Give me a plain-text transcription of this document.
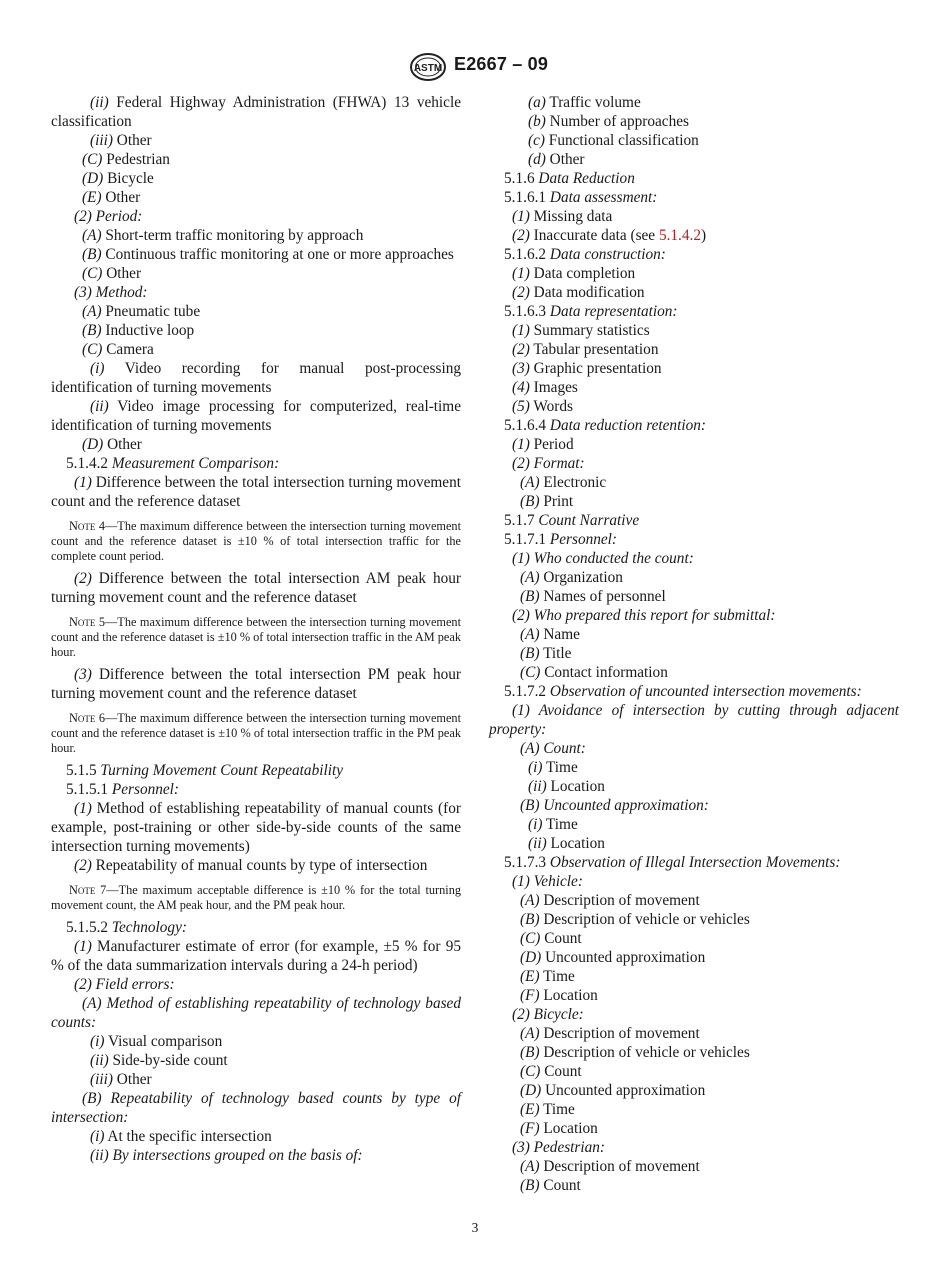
ASTM E2667 – 09
(ii) Federal Highway Administration (FHWA) 13 vehicle classification
(iii) Other
(C) Pedestrian
(D) Bicycle
(E) Other
(2) Period:
(A) Short-term traffic monitoring by approach
(B) Continuous traffic monitoring at one or more approaches
(C) Other
(3) Method:
(A) Pneumatic tube
(B) Inductive loop
(C) Camera
(i) Video recording for manual post-processing identification of turning movements
(ii) Video image processing for computerized, real-time identification of turning movements
(D) Other
5.1.4.2 Measurement Comparison:
(1) Difference between the total intersection turning movement count and the reference dataset
Note 4—The maximum difference between the intersection turning movement count and the reference dataset is ±10 % of total intersection traffic for the complete count period.
(2) Difference between the total intersection AM peak hour turning movement count and the reference dataset
Note 5—The maximum difference between the intersection turning movement count and the reference dataset is ±10 % of total intersection traffic in the AM peak hour.
(3) Difference between the total intersection PM peak hour turning movement count and the reference dataset
Note 6—The maximum difference between the intersection turning movement count and the reference dataset is ±10 % of total intersection traffic in the PM peak hour.
5.1.5 Turning Movement Count Repeatability
5.1.5.1 Personnel:
(1) Method of establishing repeatability of manual counts (for example, post-training or other side-by-side counts of the same intersection turning movements)
(2) Repeatability of manual counts by type of intersection
Note 7—The maximum acceptable difference is ±10 % for the total turning movement count, the AM peak hour, and the PM peak hour.
5.1.5.2 Technology:
(1) Manufacturer estimate of error (for example, ±5 % for 95 % of the data summarization intervals during a 24-h period)
(2) Field errors:
(A) Method of establishing repeatability of technology based counts:
(i) Visual comparison
(ii) Side-by-side count
(iii) Other
(B) Repeatability of technology based counts by type of intersection:
(i) At the specific intersection
(ii) By intersections grouped on the basis of:
(a) Traffic volume
(b) Number of approaches
(c) Functional classification
(d) Other
5.1.6 Data Reduction
5.1.6.1 Data assessment:
(1) Missing data
(2) Inaccurate data (see 5.1.4.2)
5.1.6.2 Data construction:
(1) Data completion
(2) Data modification
5.1.6.3 Data representation:
(1) Summary statistics
(2) Tabular presentation
(3) Graphic presentation
(4) Images
(5) Words
5.1.6.4 Data reduction retention:
(1) Period
(2) Format:
(A) Electronic
(B) Print
5.1.7 Count Narrative
5.1.7.1 Personnel:
(1) Who conducted the count:
(A) Organization
(B) Names of personnel
(2) Who prepared this report for submittal:
(A) Name
(B) Title
(C) Contact information
5.1.7.2 Observation of uncounted intersection movements:
(1) Avoidance of intersection by cutting through adjacent property:
(A) Count:
(i) Time
(ii) Location
(B) Uncounted approximation:
(i) Time
(ii) Location
5.1.7.3 Observation of Illegal Intersection Movements:
(1) Vehicle:
(A) Description of movement
(B) Description of vehicle or vehicles
(C) Count
(D) Uncounted approximation
(E) Time
(F) Location
(2) Bicycle:
(A) Description of movement
(B) Description of vehicle or vehicles
(C) Count
(D) Uncounted approximation
(E) Time
(F) Location
(3) Pedestrian:
(A) Description of movement
(B) Count
3
